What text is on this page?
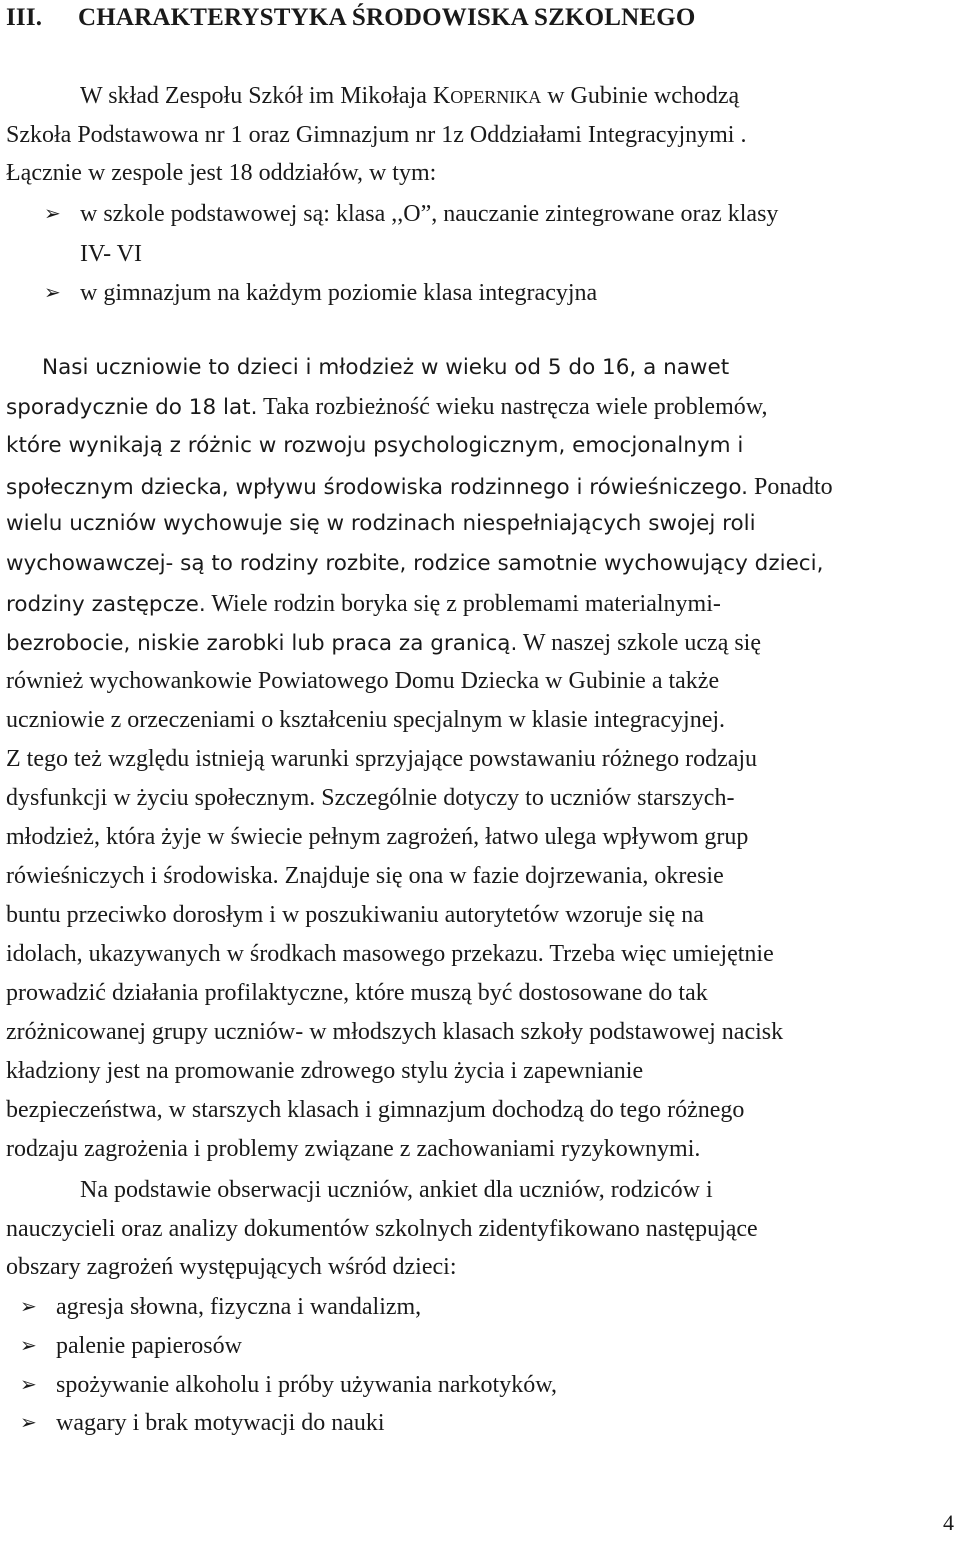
III. CHARAKTERYSTYKA ŚRODOWISKA SZKOLNEGO
W skład Zespołu Szkół im Mikołaja KOPERNIKA w Gubinie wchodzą
Szkoła Podstawowa nr 1 oraz Gimnazjum nr 1z Oddziałami Integracyjnymi .
Łącznie w zespole jest 18 oddziałów, w tym:
➢ w szkole podstawowej są: klasa ,,O”, nauczanie zintegrowane oraz klasy
IV- VI
➢ w gimnazjum na każdym poziomie klasa integracyjna
Nasi uczniowie to dzieci i młodzież w wieku od 5 do 16, a nawet
sporadycznie do 18 lat. Taka rozbieżność wieku nastręcza wiele problemów,
które wynikają z różnic w rozwoju psychologicznym, emocjonalnym i
społecznym dziecka, wpływu środowiska rodzinnego i rówieśniczego. Ponadto
wielu uczniów wychowuje się w rodzinach niespełniających swojej roli
wychowawczej- są to rodziny rozbite, rodzice samotnie wychowujący dzieci,
rodziny zastępcze. Wiele rodzin boryka się z problemami materialnymi-
bezrobocie, niskie zarobki lub praca za granicą. W naszej szkole uczą się
również wychowankowie Powiatowego Domu Dziecka w Gubinie a także
uczniowie z orzeczeniami o kształceniu specjalnym w klasie integracyjnej.
Z tego też względu istnieją warunki sprzyjające powstawaniu różnego rodzaju
dysfunkcji w życiu społecznym. Szczególnie dotyczy to uczniów starszych-
młodzież, która żyje w świecie pełnym zagrożeń, łatwo ulega wpływom grup
rówieśniczych i środowiska. Znajduje się ona w fazie dojrzewania, okresie
buntu przeciwko dorosłym i w poszukiwaniu autorytetów wzoruje się na
idolach, ukazywanych w środkach masowego przekazu. Trzeba więc umiejętnie
prowadzić działania profilaktyczne, które muszą być dostosowane do tak
zróżnicowanej grupy uczniów- w młodszych klasach szkoły podstawowej nacisk
kładziony jest na promowanie zdrowego stylu życia i zapewnianie
bezpieczeństwa, w starszych klasach i gimnazjum dochodzą do tego różnego
rodzaju zagrożenia i problemy związane z zachowaniami ryzykownymi.
Na podstawie obserwacji uczniów, ankiet dla uczniów, rodziców i
nauczycieli oraz analizy dokumentów szkolnych zidentyfikowano następujące
obszary zagrożeń występujących wśród dzieci:
➢ agresja słowna, fizyczna i wandalizm,
➢ palenie papierosów
➢ spożywanie alkoholu i próby używania narkotyków,
➢ wagary i brak motywacji do nauki
4
